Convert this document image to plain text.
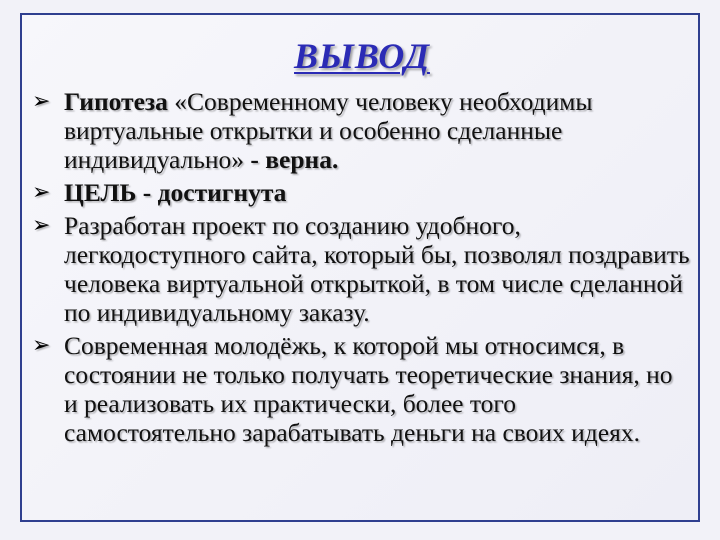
ВЫВОД
➢ Гипотеза «Современному человеку необходимы виртуальные открытки и особенно сделанные индивидуально» - верна.
➢ ЦЕЛЬ - достигнута
➢ Разработан проект по созданию удобного, легкодоступного сайта, который бы, позволял поздравить человека виртуальной открыткой, в том числе сделанной по индивидуальному заказу.
➢ Современная молодёжь, к которой мы относимся, в состоянии не только получать теоретические знания, но и реализовать их практически, более того самостоятельно зарабатывать деньги на своих идеях.
